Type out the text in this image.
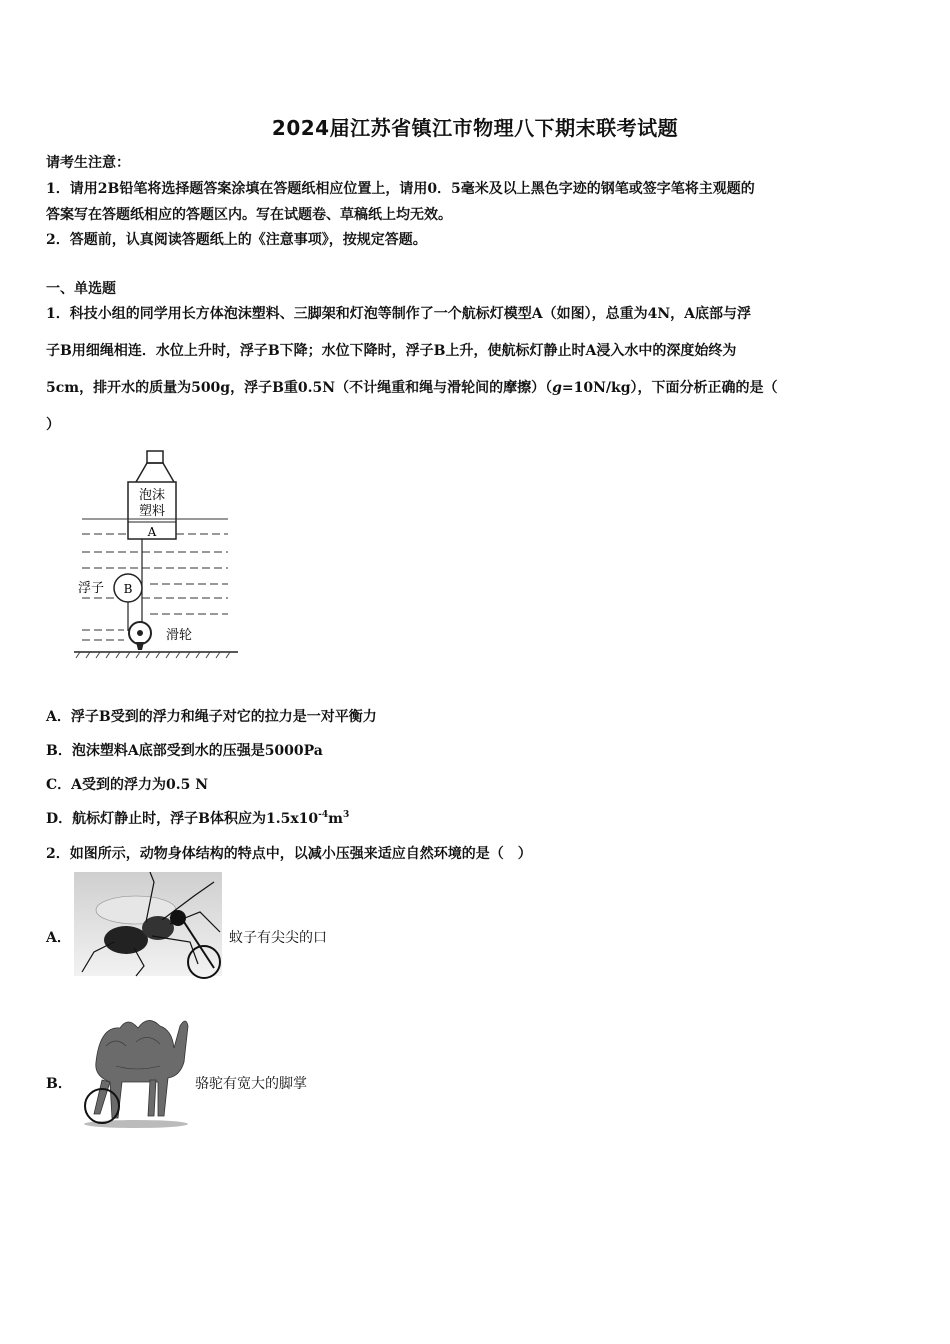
2024届江苏省镇江市物理八下期末联考试题
请考生注意：
1．请用2B铅笔将选择题答案涂填在答题纸相应位置上，请用0．5毫米及以上黑色字迹的钢笔或签字笔将主观题的
答案写在答题纸相应的答题区内。写在试题卷、草稿纸上均无效。
2．答题前，认真阅读答题纸上的《注意事项》，按规定答题。
一、单选题
1．科技小组的同学用长方体泡沫塑料、三脚架和灯泡等制作了一个航标灯模型A（如图），总重为4N，A底部与浮
子B用细绳相连．水位上升时，浮子B下降；水位下降时，浮子B上升，使航标灯静止时A浸入水中的深度始终为
5cm，排开水的质量为500g，浮子B重0.5N（不计绳重和绳与滑轮间的摩擦）（g=10N/kg），下面分析正确的是（
）
泡沫
塑料
A
B
浮子
滑轮
A．浮子B受到的浮力和绳子对它的拉力是一对平衡力
B．泡沫塑料A底部受到水的压强是5000Pa
C．A受到的浮力为0.5 N
D．航标灯静止时，浮子B体积应为$1.5x10^{-4}m^3$
2．如图所示，动物身体结构的特点中，以减小压强来适应自然环境的是（　）
A．	蚊子有尖尖的口
B．	骆驼有宽大的脚掌
